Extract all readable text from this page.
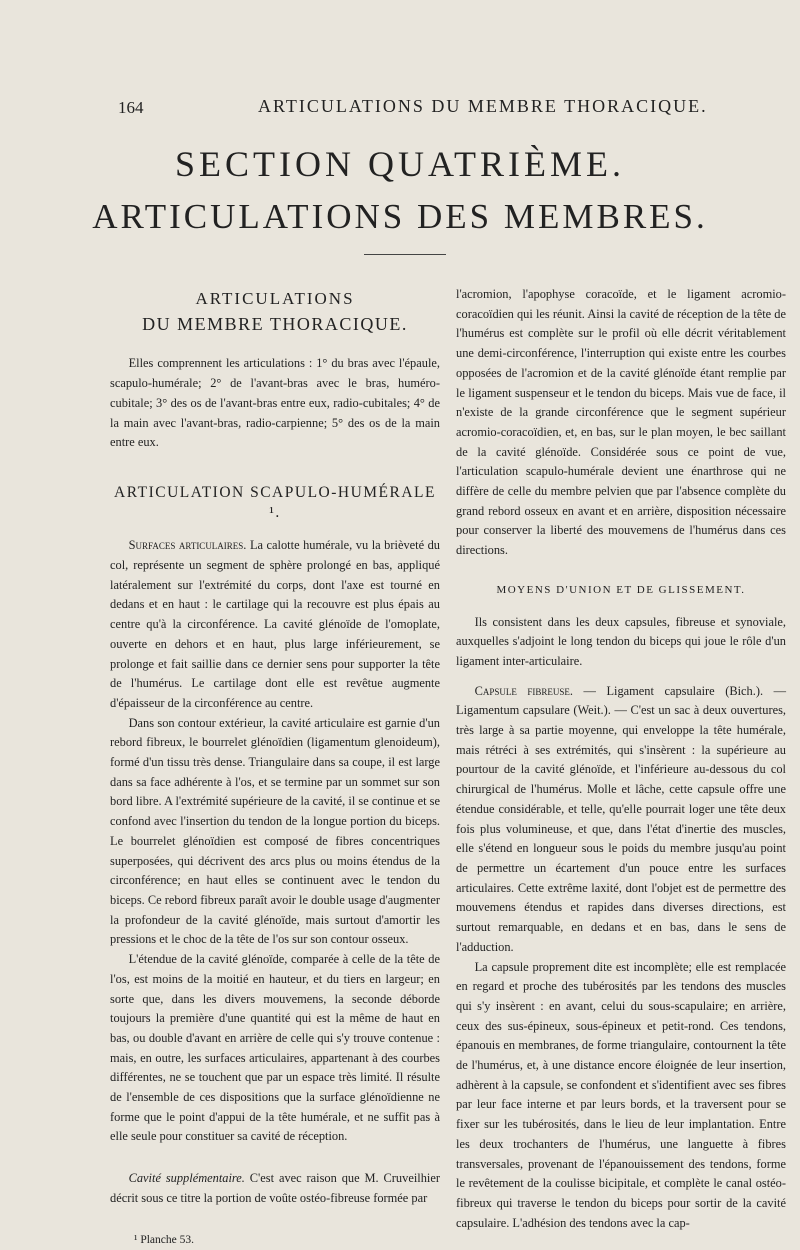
164	ARTICULATIONS DU MEMBRE THORACIQUE.
SECTION QUATRIÈME.
ARTICULATIONS DES MEMBRES.
ARTICULATIONS
DU MEMBRE THORACIQUE.

Elles comprennent les articulations : 1° du bras avec l'épaule, scapulo-humérale; 2° de l'avant-bras avec le bras, huméro-cubitale; 3° des os de l'avant-bras entre eux, radio-cubitales; 4° de la main avec l'avant-bras, radio-carpienne; 5° des os de la main entre eux.

ARTICULATION SCAPULO-HUMÉRALE ¹.

Surfaces articulaires. La calotte humérale, vu la brièveté du col, représente un segment de sphère prolongé en bas, appliqué latéralement sur l'extrémité du corps, dont l'axe est tourné en dedans et en haut : le cartilage qui la recouvre est plus épais au centre qu'à la circonférence. La cavité glénoïde de l'omoplate, ouverte en dehors et en haut, plus large inférieurement, se prolonge et fait saillie dans ce dernier sens pour supporter la tête de l'humérus. Le cartilage dont elle est revêtue augmente d'épaisseur de la circonférence au centre.

Dans son contour extérieur, la cavité articulaire est garnie d'un rebord fibreux, le bourrelet glénoïdien (ligamentum glenoideum), formé d'un tissu très dense. Triangulaire dans sa coupe, il est large dans sa face adhérente à l'os, et se termine par un sommet sur son bord libre. A l'extrémité supérieure de la cavité, il se continue et se confond avec l'insertion du tendon de la longue portion du biceps. Le bourrelet glénoïdien est composé de fibres concentriques superposées, qui décrivent des arcs plus ou moins étendus de la circonférence; en haut elles se continuent avec le tendon du biceps. Ce rebord fibreux paraît avoir le double usage d'augmenter la profondeur de la cavité glénoïde, mais surtout d'amortir les pressions et le choc de la tête de l'os sur son contour osseux.

L'étendue de la cavité glénoïde, comparée à celle de la tête de l'os, est moins de la moitié en hauteur, et du tiers en largeur; en sorte que, dans les divers mouvemens, la seconde déborde toujours la première d'une quantité qui est la même de haut en bas, ou double d'avant en arrière de celle qui s'y trouve contenue : mais, en outre, les surfaces articulaires, appartenant à des courbes différentes, ne se touchent que par un espace très limité. Il résulte de l'ensemble de ces dispositions que la surface glénoïdienne ne forme que le point d'appui de la tête humérale, et ne suffit pas à elle seule pour constituer sa cavité de réception.

Cavité supplémentaire. C'est avec raison que M. Cruveilhier décrit sous ce titre la portion de voûte ostéo-fibreuse formée par

¹ Planche 53.

l'acromion, l'apophyse coracoïde, et le ligament acromio-coracoïdien qui les réunit. Ainsi la cavité de réception de la tête de l'humérus est complète sur le profil où elle décrit véritablement une demi-circonférence, l'interruption qui existe entre les courbes opposées de l'acromion et de la cavité glénoïde étant remplie par le ligament suspenseur et le tendon du biceps. Mais vue de face, il n'existe de la grande circonférence que le segment supérieur acromio-coracoïdien, et, en bas, sur le plan moyen, le bec saillant de la cavité glénoïde. Considérée sous ce point de vue, l'articulation scapulo-humérale devient une énarthrose qui ne diffère de celle du membre pelvien que par l'absence complète du grand rebord osseux en avant et en arrière, disposition nécessaire pour conserver la liberté des mouvemens de l'humérus dans ces directions.

MOYENS D'UNION ET DE GLISSEMENT.

Ils consistent dans les deux capsules, fibreuse et synoviale, auxquelles s'adjoint le long tendon du biceps qui joue le rôle d'un ligament inter-articulaire.

Capsule fibreuse. — Ligament capsulaire (Bich.). — Ligamentum capsulare (Weit.). — C'est un sac à deux ouvertures, très large à sa partie moyenne, qui enveloppe la tête humérale, mais rétréci à ses extrémités, qui s'insèrent : la supérieure au pourtour de la cavité glénoïde, et l'inférieure au-dessous du col chirurgical de l'humérus. Molle et lâche, cette capsule offre une étendue considérable, et telle, qu'elle pourrait loger une tête deux fois plus volumineuse, et que, dans l'état d'inertie des muscles, elle s'étend en longueur sous le poids du membre jusqu'au point de permettre un écartement d'un pouce entre les surfaces articulaires. Cette extrême laxité, dont l'objet est de permettre des mouvemens étendus et rapides dans diverses directions, est surtout remarquable, en dedans et en bas, dans le sens de l'adduction.

La capsule proprement dite est incomplète; elle est remplacée en regard et proche des tubérosités par les tendons des muscles qui s'y insèrent : en avant, celui du sous-scapulaire; en arrière, ceux des sus-épineux, sous-épineux et petit-rond. Ces tendons, épanouis en membranes, de forme triangulaire, contournent la tête de l'humérus, et, à une distance encore éloignée de leur insertion, adhèrent à la capsule, se confondent et s'identifient avec ses fibres par leur face interne et par leurs bords, et la traversent pour se fixer sur les tubérosités, dans le lieu de leur implantation. Entre les deux trochanters de l'humérus, une languette à fibres transversales, provenant de l'épanouissement des tendons, forme le revêtement de la coulisse bicipitale, et complète le canal ostéo-fibreux qui traverse le tendon du biceps pour sortir de la cavité capsulaire. L'adhésion des tendons avec la cap-
